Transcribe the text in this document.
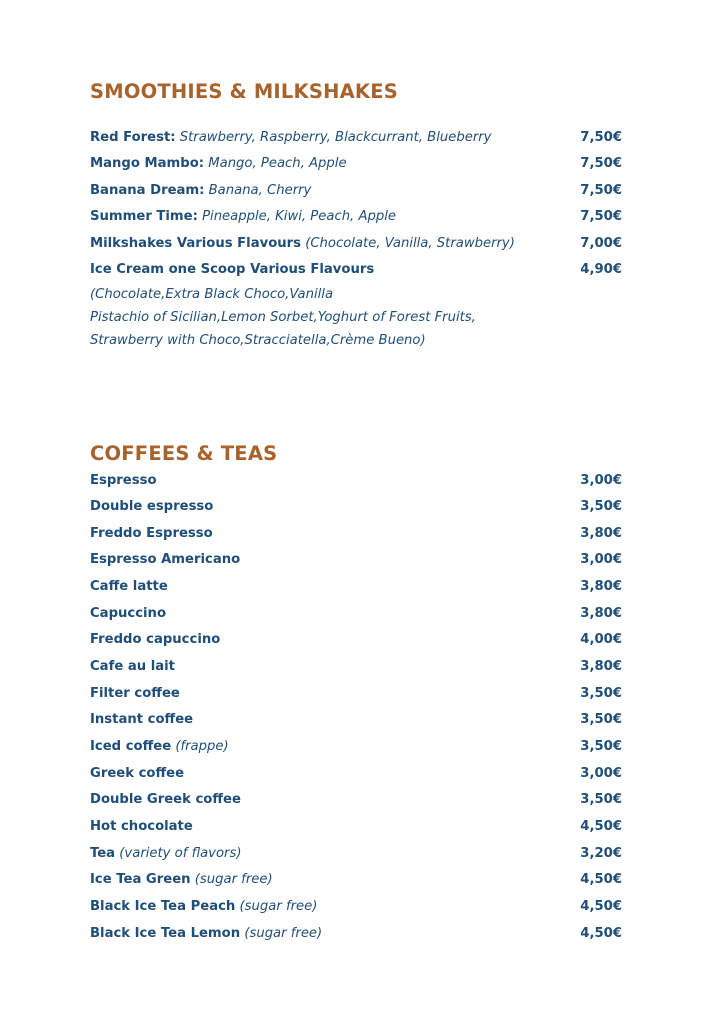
SMOOTHIES & MILKSHAKES
Red Forest: Strawberry, Raspberry, Blackcurrant, Blueberry	7,50€
Mango Mambo: Mango, Peach, Apple	7,50€
Banana Dream: Banana, Cherry	7,50€
Summer Time: Pineapple, Kiwi, Peach, Apple	7,50€
Milkshakes Various Flavours (Chocolate, Vanilla, Strawberry)	7,00€
Ice Cream one Scoop Various Flavours	4,90€
(Chocolate,Extra Black Choco,Vanilla
Pistachio of Sicilian,Lemon Sorbet,Yoghurt of Forest Fruits,
Strawberry with Choco,Stracciatella,Crème Bueno)
COFFEES & TEAS
Espresso	3,00€
Double espresso	3,50€
Freddo Espresso	3,80€
Espresso Americano	3,00€
Caffe latte	3,80€
Capuccino	3,80€
Freddo capuccino	4,00€
Cafe au lait	3,80€
Filter coffee	3,50€
Instant coffee	3,50€
Iced coffee (frappe)	3,50€
Greek coffee	3,00€
Double Greek coffee	3,50€
Hot chocolate	4,50€
Tea (variety of flavors)	3,20€
Ice Tea Green (sugar free)	4,50€
Black Ice Tea Peach (sugar free)	4,50€
Black Ice Tea Lemon (sugar free)	4,50€
